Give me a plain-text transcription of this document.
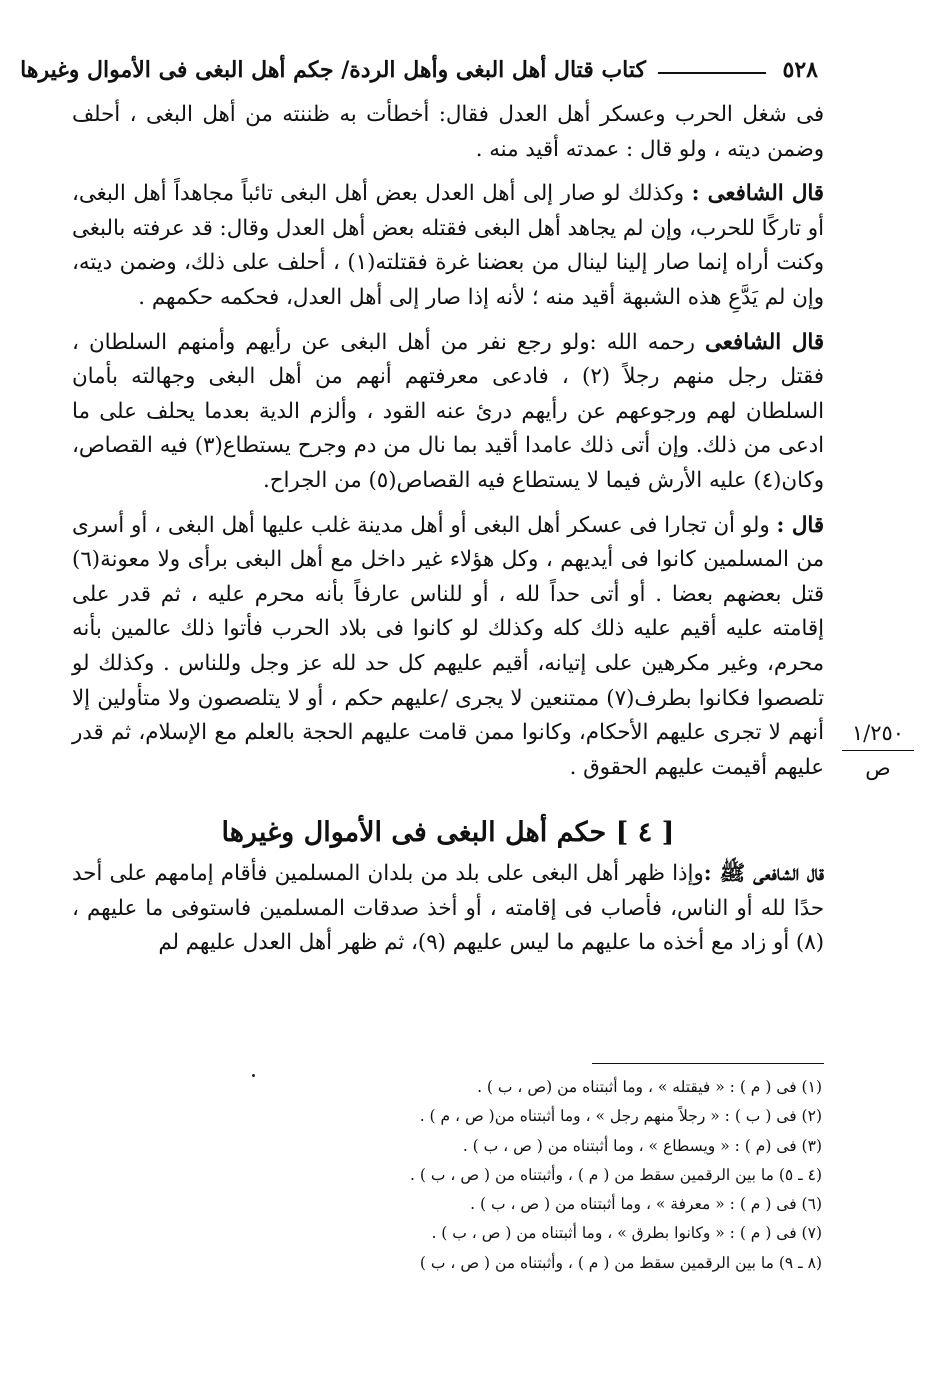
٥٢٨
كتاب قتال أهل البغى وأهل الردة/ جكم أهل البغى فى الأموال وغيرها

فى شغل الحرب وعسكر أهل العدل فقال: أخطأت به ظننته من أهل البغى ، أحلف وضمن ديته ، ولو قال : عمدته أقيد منه .

قال الشافعى : وكذلك لو صار إلى أهل العدل بعض أهل البغى تائباً مجاهداً أهل البغى، أو تاركًا للحرب، وإن لم يجاهد أهل البغى فقتله بعض أهل العدل وقال: قد عرفته بالبغى وكنت أراه إنما صار إلينا لينال من بعضنا غرة فقتلته(١) ، أحلف على ذلك، وضمن ديته، وإن لم يَدَّعِ هذه الشبهة أقيد منه ؛ لأنه إذا صار إلى أهل العدل، فحكمه حكمهم .

قال الشافعى رحمه الله :ولو رجع نفر من أهل البغى عن رأيهم وأمنهم السلطان ، فقتل رجل منهم رجلاً (٢) ، فادعى معرفتهم أنهم من أهل البغى وجهالته بأمان السلطان لهم ورجوعهم عن رأيهم درئ عنه القود ، وألزم الدية بعدما يحلف على ما ادعى من ذلك. وإن أتى ذلك عامدا أقيد بما نال من دم وجرح يستطاع(٣) فيه القصاص، وكان(٤) عليه الأرش فيما لا يستطاع فيه القصاص(٥) من الجراح.

قال : ولو أن تجارا فى عسكر أهل البغى أو أهل مدينة غلب عليها أهل البغى ، أو أسرى من المسلمين كانوا فى أيديهم ، وكل هؤلاء غير داخل مع أهل البغى برأى ولا معونة(٦) قتل بعضهم بعضا . أو أتى حداً لله ، أو للناس عارفاً بأنه محرم عليه ، ثم قدر على إقامته عليه أقيم عليه ذلك كله وكذلك لو كانوا فى بلاد الحرب فأتوا ذلك عالمين بأنه محرم، وغير مكرهين على إتيانه، أقيم عليهم كل حد لله عز وجل وللناس . وكذلك لو تلصصوا فكانوا بطرف(٧) ممتنعين لا يجرى /عليهم حكم ، أو لا يتلصصون ولا متأولين إلا أنهم لا تجرى عليهم الأحكام، وكانوا ممن قامت عليهم الحجة بالعلم مع الإسلام، ثم قدر عليهم أقيمت عليهم الحقوق .

[ ٤ ] حكم أهل البغى فى الأموال وغيرها

قال الشافعى ﷺ :وإذا ظهر أهل البغى على بلد من بلدان المسلمين فأقام إمامهم على أحد حدًا لله أو الناس، فأصاب فى إقامته ، أو أخذ صدقات المسلمين فاستوفى ما عليهم ،(٨) أو زاد مع أخذه ما عليهم ما ليس عليهم (٩)، ثم ظهر أهل العدل عليهم لم

١/٢٥٠
ص
(١) فى ( م ) : « فيقتله » ، وما أثبتناه من (ص ، ب ) .
(٢) فى ( ب ) : « رجلاً منهم رجل » ، وما أثبتناه من( ص ، م ) .
(٣) فى (م ) : « ويسطاع » ، وما أثبتناه من ( ص ، ب ) .
(٤ ـ ٥) ما بين الرقمين سقط من ( م ) ، وأثبتناه من ( ص ، ب ) .
(٦) فى ( م ) : « معرفة » ، وما أثبتناه من ( ص ، ب ) .
(٧) فى ( م ) : « وكانوا بطرق » ، وما أثبتناه من ( ص ، ب ) .
(٨ ـ ٩) ما بين الرقمين سقط من ( م ) ، وأثبتناه من ( ص ، ب )
